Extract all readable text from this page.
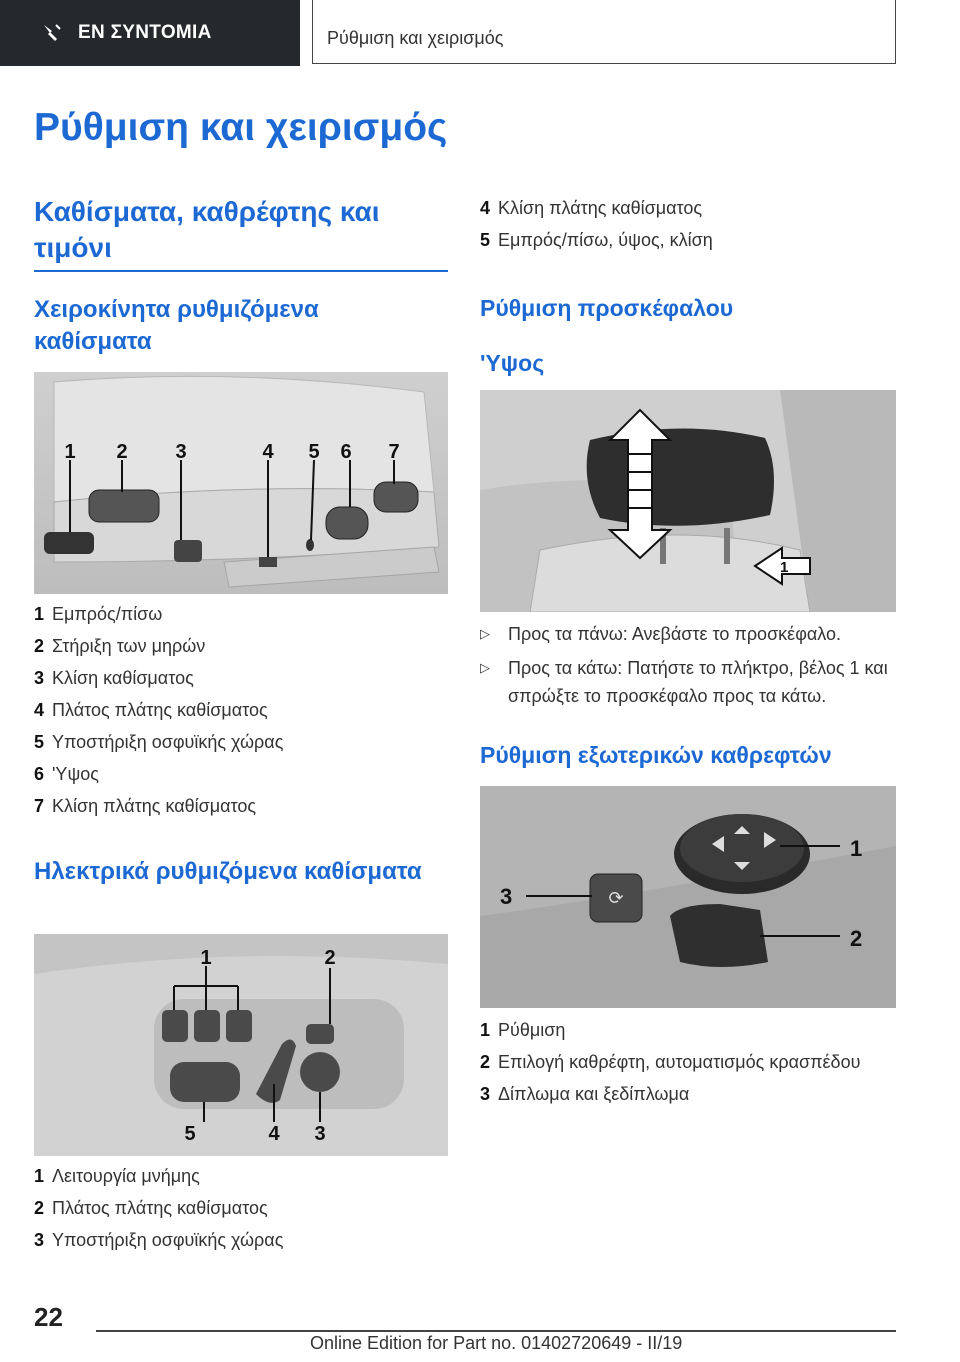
ΕΝ ΣΥΝΤΟΜΙΑ	Ρύθμιση και χειρισμός
Ρύθμιση και χειρισμός
Καθίσματα, καθρέφτης και τιμόνι
Χειροκίνητα ρυθμιζόμενα καθίσματα
1 2 3	4 5 6 7
1 Εμπρός/πίσω
2 Στήριξη των μηρών
3 Κλίση καθίσματος
4 Πλάτος πλάτης καθίσματος
5 Υποστήριξη οσφυϊκής χώρας
6 'Υψος
7 Κλίση πλάτης καθίσματος
Ηλεκτρικά ρυθμιζόμενα καθίσματα
1	2
5	4 3
1 Λειτουργία μνήμης
2 Πλάτος πλάτης καθίσματος
3 Υποστήριξη οσφυϊκής χώρας
4 Κλίση πλάτης καθίσματος
5 Εμπρός/πίσω, ύψος, κλίση
Ρύθμιση προσκέφαλου
'Υψος
1
▷	Προς τα πάνω: Ανεβάστε το προσκέφαλο.
▷	Προς τα κάτω: Πατήστε το πλήκτρο, βέλος 1 και σπρώξτε το προσκέφαλο προς τα κάτω.
Ρύθμιση εξωτερικών καθρεφτών
⟳
1
2
3
1 Ρύθμιση
2 Επιλογή καθρέφτη, αυτοματισμός κρασπέδου
3 Δίπλωμα και ξεδίπλωμα
22
Online Edition for Part no. 01402720649 - II/19
